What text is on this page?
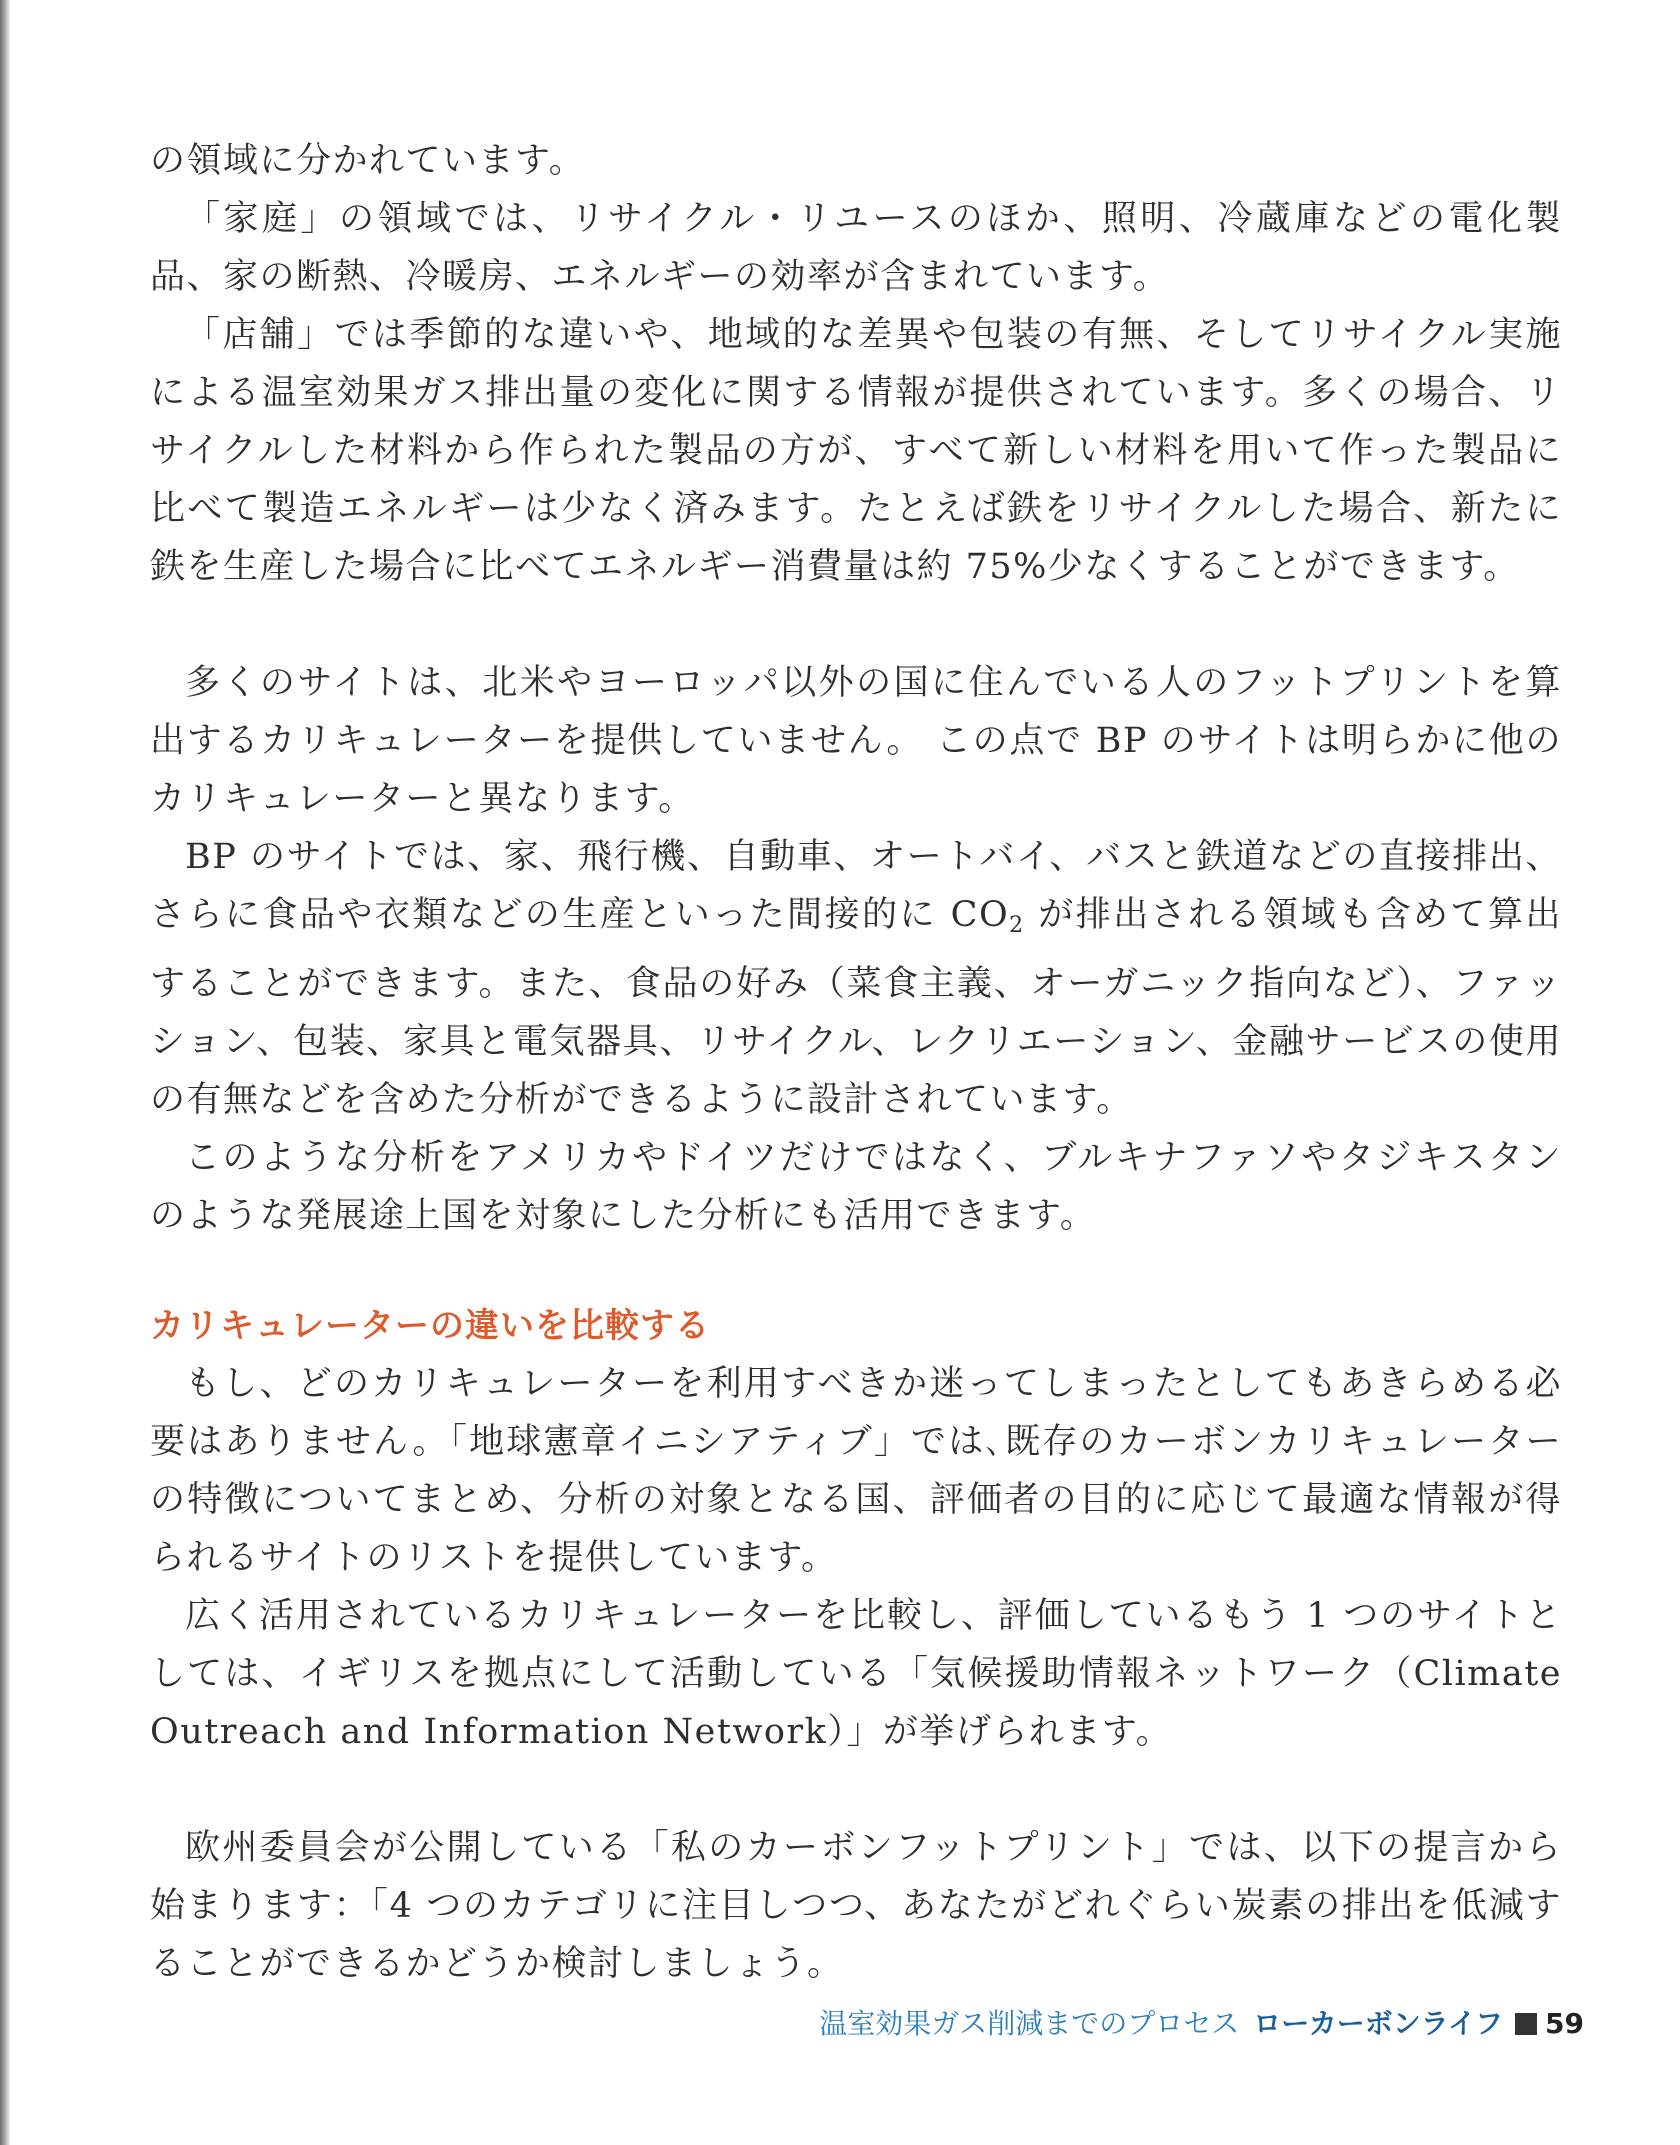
の領域に分かれています。

「家庭」の領域では、リサイクル・リユースのほか、照明、冷蔵庫などの電化製品、家の断熱、冷暖房、エネルギーの効率が含まれています。

「店舗」では季節的な違いや、地域的な差異や包装の有無、そしてリサイクル実施による温室効果ガス排出量の変化に関する情報が提供されています。多くの場合、リサイクルした材料から作られた製品の方が、すべて新しい材料を用いて作った製品に比べて製造エネルギーは少なく済みます。たとえば鉄をリサイクルした場合、新たに鉄を生産した場合に比べてエネルギー消費量は約 75%少なくすることができます。

多くのサイトは、北米やヨーロッパ以外の国に住んでいる人のフットプリントを算出するカリキュレーターを提供していません。 この点で BP のサイトは明らかに他のカリキュレーターと異なります。

BP のサイトでは、家、飛行機、自動車、オートバイ、バスと鉄道などの直接排出、さらに食品や衣類などの生産といった間接的に $CO_2$ が排出される領域も含めて算出することができます。また、食品の好み（菜食主義、オーガニック指向など）、ファッション、包装、家具と電気器具、リサイクル、レクリエーション、金融サービスの使用の有無などを含めた分析ができるように設計されています。

このような分析をアメリカやドイツだけではなく、ブルキナファソやタジキスタンのような発展途上国を対象にした分析にも活用できます。

カリキュレーターの違いを比較する

もし、どのカリキュレーターを利用すべきか迷ってしまったとしてもあきらめる必要はありません。「地球憲章イニシアティブ」では､既存のカーボンカリキュレーターの特徴についてまとめ、分析の対象となる国、評価者の目的に応じて最適な情報が得られるサイトのリストを提供しています。

広く活用されているカリキュレーターを比較し、評価しているもう 1 つのサイトとしては、イギリスを拠点にして活動している「気候援助情報ネットワーク（Climate Outreach and Information Network）」が挙げられます。

欧州委員会が公開している「私のカーボンフットプリント」では、以下の提言から始まります：「4 つのカテゴリに注目しつつ、あなたがどれぐらい炭素の排出を低減することができるかどうか検討しましょう。

温室効果ガス削減までのプロセス ローカーボンライフ 59
